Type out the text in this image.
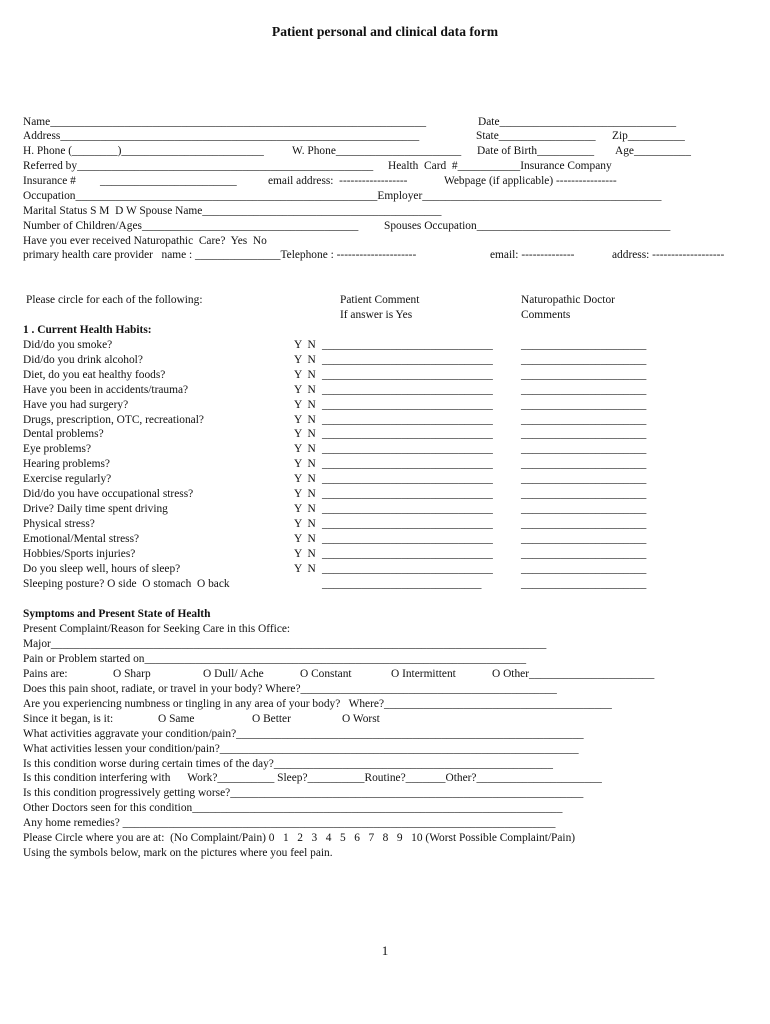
Patient personal and clinical data form
Name__________________________________________________________________	Date_______________________________
Address_______________________________________________________________	State_________________ Zip__________
H. Phone (________)_________________________ W. Phone______________________ Date of Birth__________ Age__________
Referred by____________________________________________________ Health  Card  #___________Insurance Company
Insurance # ________________________	email address:  ------------------	Webpage (if applicable) ----------------
Occupation_____________________________________________________Employer__________________________________________
Marital Status S M  D W Spouse Name__________________________________________
Number of Children/Ages______________________________________ Spouses Occupation__________________________________
Have you ever received Naturopathic  Care?  Yes  No
primary health care provider   name : _______________Telephone : ---------------------	email: --------------	address: -------------------
Please circle for each of the following:	Patient Comment
If answer is Yes
Naturopathic Doctor
Comments
1 . Current Health Habits:
Did/do you smoke?	Y  N ______________________________ ______________________
Did/do you drink alcohol?	Y  N ______________________________ ______________________
Diet, do you eat healthy foods?	Y  N ______________________________ ______________________
Have you been in accidents/trauma?	Y  N ______________________________ ______________________
Have you had surgery?	Y  N ______________________________ ______________________
Drugs, prescription, OTC, recreational?	Y  N ______________________________ ______________________
Dental problems?	Y  N ______________________________ ______________________
Eye problems?	Y  N ______________________________ ______________________
Hearing problems?	Y  N ______________________________ ______________________
Exercise regularly?	Y  N ______________________________ ______________________
Did/do you have occupational stress?	Y  N ______________________________ ______________________
Drive? Daily time spent driving	Y  N ______________________________ ______________________
Physical stress?	Y  N ______________________________ ______________________
Emotional/Mental stress?	Y  N ______________________________ ______________________
Hobbies/Sports injuries?	Y  N ______________________________ ______________________
Do you sleep well, hours of sleep?	Y  N ______________________________ ______________________
Sleeping posture? O side  O stomach  O back	____________________________	______________________
Symptoms and Present State of Health
Present Complaint/Reason for Seeking Care in this Office:
Major_______________________________________________________________________________________
Pain or Problem started on___________________________________________________________________
Pains are:	O Sharp	O Dull/ Ache	O Constant	O Intermittent	O Other______________________
Does this pain shoot, radiate, or travel in your body? Where?_____________________________________________
Are you experiencing numbness or tingling in any area of your body?   Where?________________________________________
Since it began, is it:	O Same	O Better	O Worst
What activities aggravate your condition/pain?_____________________________________________________________
What activities lessen your condition/pain?_______________________________________________________________
Is this condition worse during certain times of the day?_________________________________________________
Is this condition interfering with      Work?__________ Sleep?__________Routine?_______Other?______________________
Is this condition progressively getting worse?______________________________________________________________
Other Doctors seen for this condition_________________________________________________________________
Any home remedies? ____________________________________________________________________________
Please Circle where you are at:  (No Complaint/Pain) 0   1   2   3   4   5   6   7   8   9   10 (Worst Possible Complaint/Pain)
Using the symbols below, mark on the pictures where you feel pain.
1
